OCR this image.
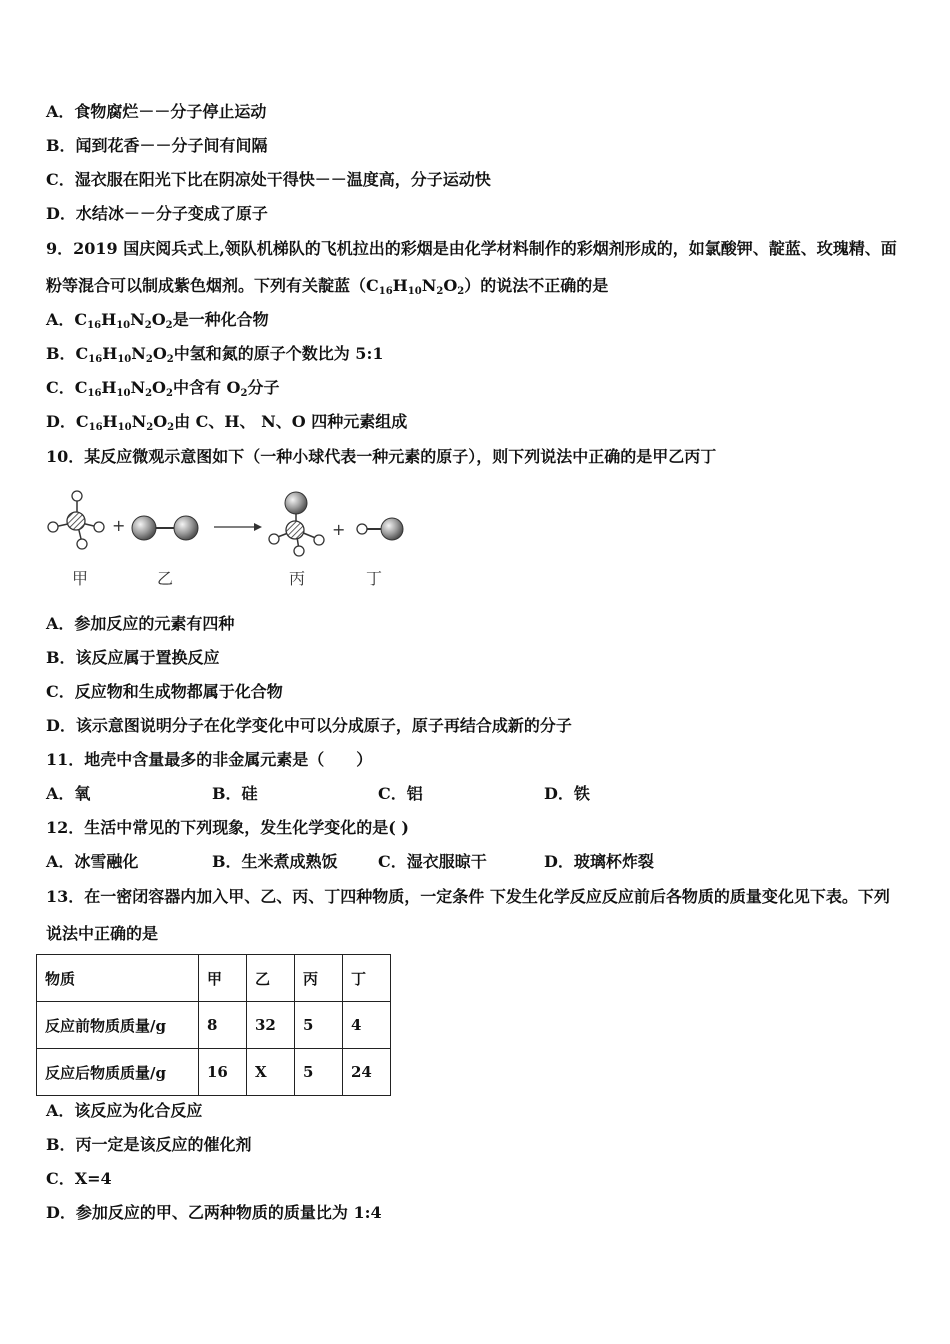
A．食物腐烂－－分子停止运动
B．闻到花香－－分子间有间隔
C．湿衣服在阳光下比在阴凉处干得快－－温度高，分子运动快
D．水结冰－－分子变成了原子
9．2019 国庆阅兵式上,领队机梯队的飞机拉出的彩烟是由化学材料制作的彩烟剂形成的，如氯酸钾、靛蓝、玫瑰精、面
粉等混合可以制成紫色烟剂。下列有关靛蓝$(C_{16}H_{10}N_2O_2)$的说法不正确的是
A．$C_{16}H_{10}N_2O_2$是一种化合物
B．$C_{16}H_{10}N_2O_2$中氢和氮的原子个数比为 5:1
C．$C_{16}H_{10}N_2O_2$中含有 $O_2$分子
D．$C_{16}H_{10}N_2O_2$由 C、H、 N、O 四种元素组成
10．某反应微观示意图如下（一种小球代表一种元素的原子），则下列说法中正确的是甲乙丙丁
+	+
甲	乙	丙	丁
A．参加反应的元素有四种
B．该反应属于置换反应
C．反应物和生成物都属于化合物
D．该示意图说明分子在化学变化中可以分成原子，原子再结合成新的分子
11．地壳中含量最多的非金属元素是（　　）
A．氧	B．硅	C．铝	D．铁
12．生活中常见的下列现象，发生化学变化的是( )
A．冰雪融化	B．生米煮成熟饭	C．湿衣服晾干	D．玻璃杯炸裂
13．在一密闭容器内加入甲、乙、丙、丁四种物质，一定条件 下发生化学反应反应前后各物质的质量变化见下表。下列
说法中正确的是
物质	甲	乙	丙	丁
反应前物质质量/g	8	32	5	4
反应后物质质量/g	16	X	5	24
A．该反应为化合反应
B．丙一定是该反应的催化剂
C．X=4
D．参加反应的甲、乙两种物质的质量比为 1:4
